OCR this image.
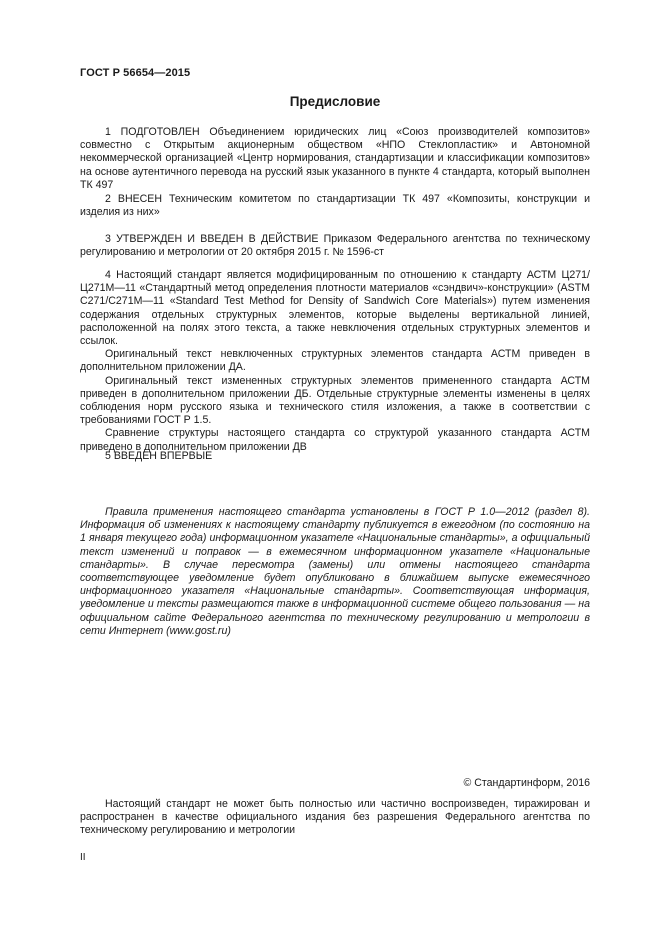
ГОСТ Р 56654—2015
Предисловие

1 ПОДГОТОВЛЕН Объединением юридических лиц «Союз производителей композитов» совместно с Открытым акционерным обществом «НПО Стеклопластик» и Автономной некоммерческой организацией «Центр нормирования, стандартизации и классификации композитов» на основе аутентичного перевода на русский язык указанного в пункте 4 стандарта, который выполнен ТК 497

2 ВНЕСЕН Техническим комитетом по стандартизации ТК 497 «Композиты, конструкции и изделия из них»

3 УТВЕРЖДЕН И ВВЕДЕН В ДЕЙСТВИЕ Приказом Федерального агентства по техническому регулированию и метрологии от 20 октября 2015 г. № 1596-ст

4 Настоящий стандарт является модифицированным по отношению к стандарту АСТМ Ц271/Ц271М—11 «Стандартный метод определения плотности материалов «сэндвич»-конструкции» (ASTM C271/C271M—11 «Standard Test Method for Density of Sandwich Core Materials») путем изменения содержания отдельных структурных элементов, которые выделены вертикальной линией, расположенной на полях этого текста, а также невключения отдельных структурных элементов и ссылок.

Оригинальный текст невключенных структурных элементов стандарта АСТМ приведен в дополнительном приложении ДА.

Оригинальный текст измененных структурных элементов примененного стандарта АСТМ приведен в дополнительном приложении ДБ. Отдельные структурные элементы изменены в целях соблюдения норм русского языка и технического стиля изложения, а также в соответствии с требованиями ГОСТ Р 1.5.

Сравнение структуры настоящего стандарта со структурой указанного стандарта АСТМ приведено в дополнительном приложении ДВ

5 ВВЕДЕН ВПЕРВЫЕ

Правила применения настоящего стандарта установлены в ГОСТ Р 1.0—2012 (раздел 8). Информация об изменениях к настоящему стандарту публикуется в ежегодном (по состоянию на 1 января текущего года) информационном указателе «Национальные стандарты», а официальный текст изменений и поправок — в ежемесячном информационном указателе «Национальные стандарты». В случае пересмотра (замены) или отмены настоящего стандарта соответствующее уведомление будет опубликовано в ближайшем выпуске ежемесячного информационного указателя «Национальные стандарты». Соответствующая информация, уведомление и тексты размещаются также в информационной системе общего пользования — на официальном сайте Федерального агентства по техническому регулированию и метрологии в сети Интернет (www.gost.ru)

© Стандартинформ, 2016

Настоящий стандарт не может быть полностью или частично воспроизведен, тиражирован и распространен в качестве официального издания без разрешения Федерального агентства по техническому регулированию и метрологии

II
